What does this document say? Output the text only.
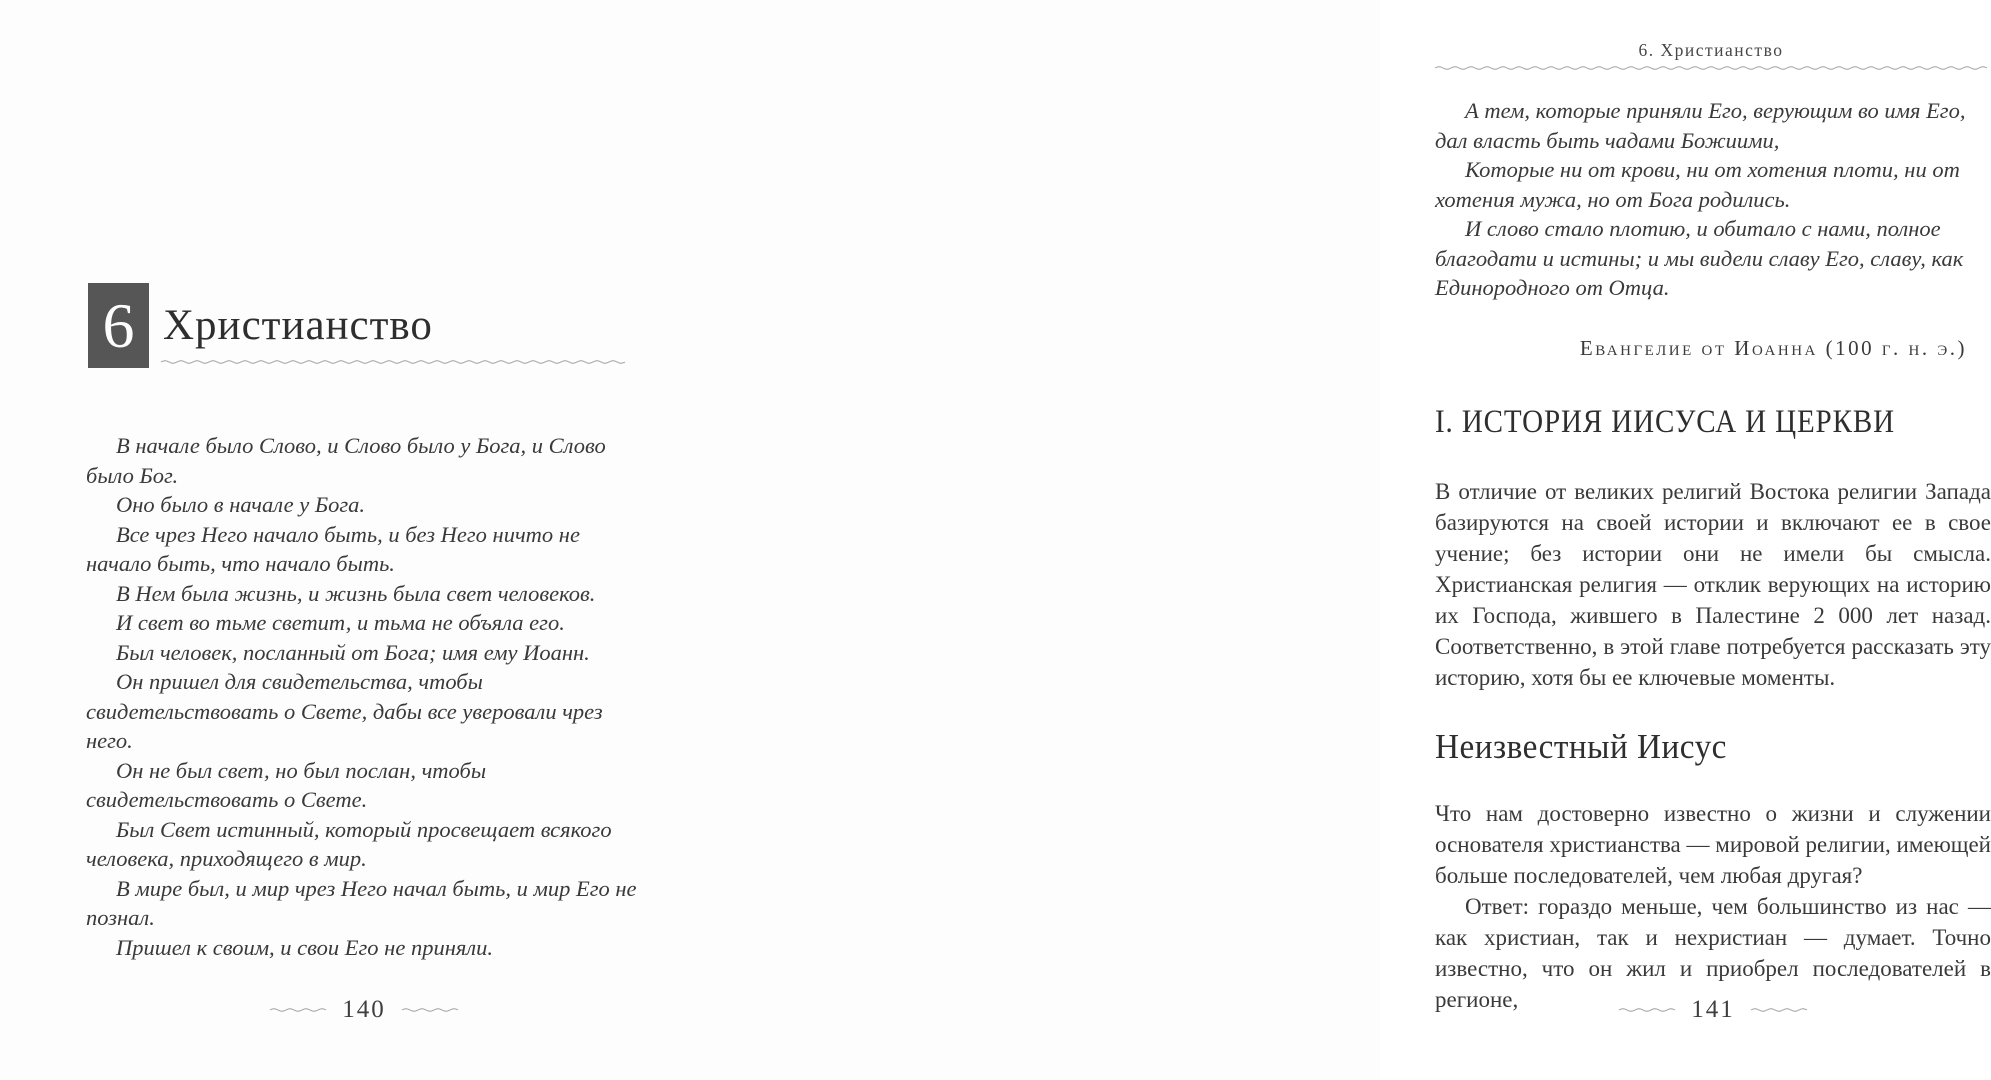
6 Христианство

В начале было Слово, и Слово было у Бога, и Слово было Бог.

Оно было в начале у Бога.

Все чрез Него начало быть, и без Него ничто не начало быть, что начало быть.

В Нем была жизнь, и жизнь была свет человеков.

И свет во тьме светит, и тьма не объяла его.

Был человек, посланный от Бога; имя ему Иоанн.

Он пришел для свидетельства, чтобы свидетельствовать о Свете, дабы все уверовали чрез него.

Он не был свет, но был послан, чтобы свидетельствовать о Свете.

Был Свет истинный, который просвещает всякого человека, приходящего в мир.

В мире был, и мир чрез Него начал быть, и мир Его не познал.

Пришел к своим, и свои Его не приняли.

140
6. Христианство

А тем, которые приняли Его, верующим во имя Его, дал власть быть чадами Божиими,

Которые ни от крови, ни от хотения плоти, ни от хотения мужа, но от Бога родились.

И слово стало плотию, и обитало с нами, полное благодати и истины; и мы видели славу Его, славу, как Единородного от Отца.

Евангелие от Иоанна (100 г. н. э.)
I. ИСТОРИЯ ИИСУСА И ЦЕРКВИ

В отличие от великих религий Востока религии Запада базируются на своей истории и включают ее в свое учение; без истории они не имели бы смысла. Христианская религия — отклик верующих на историю их Господа, жившего в Палестине 2 000 лет назад. Соответственно, в этой главе потребуется рассказать эту историю, хотя бы ее ключевые моменты.

Неизвестный Иисус

Что нам достоверно известно о жизни и служении основателя христианства — мировой религии, имеющей больше последователей, чем любая другая?

Ответ: гораздо меньше, чем большинство из нас — как христиан, так и нехристиан — думает. Точно известно, что он жил и приобрел последователей в регионе,	141
